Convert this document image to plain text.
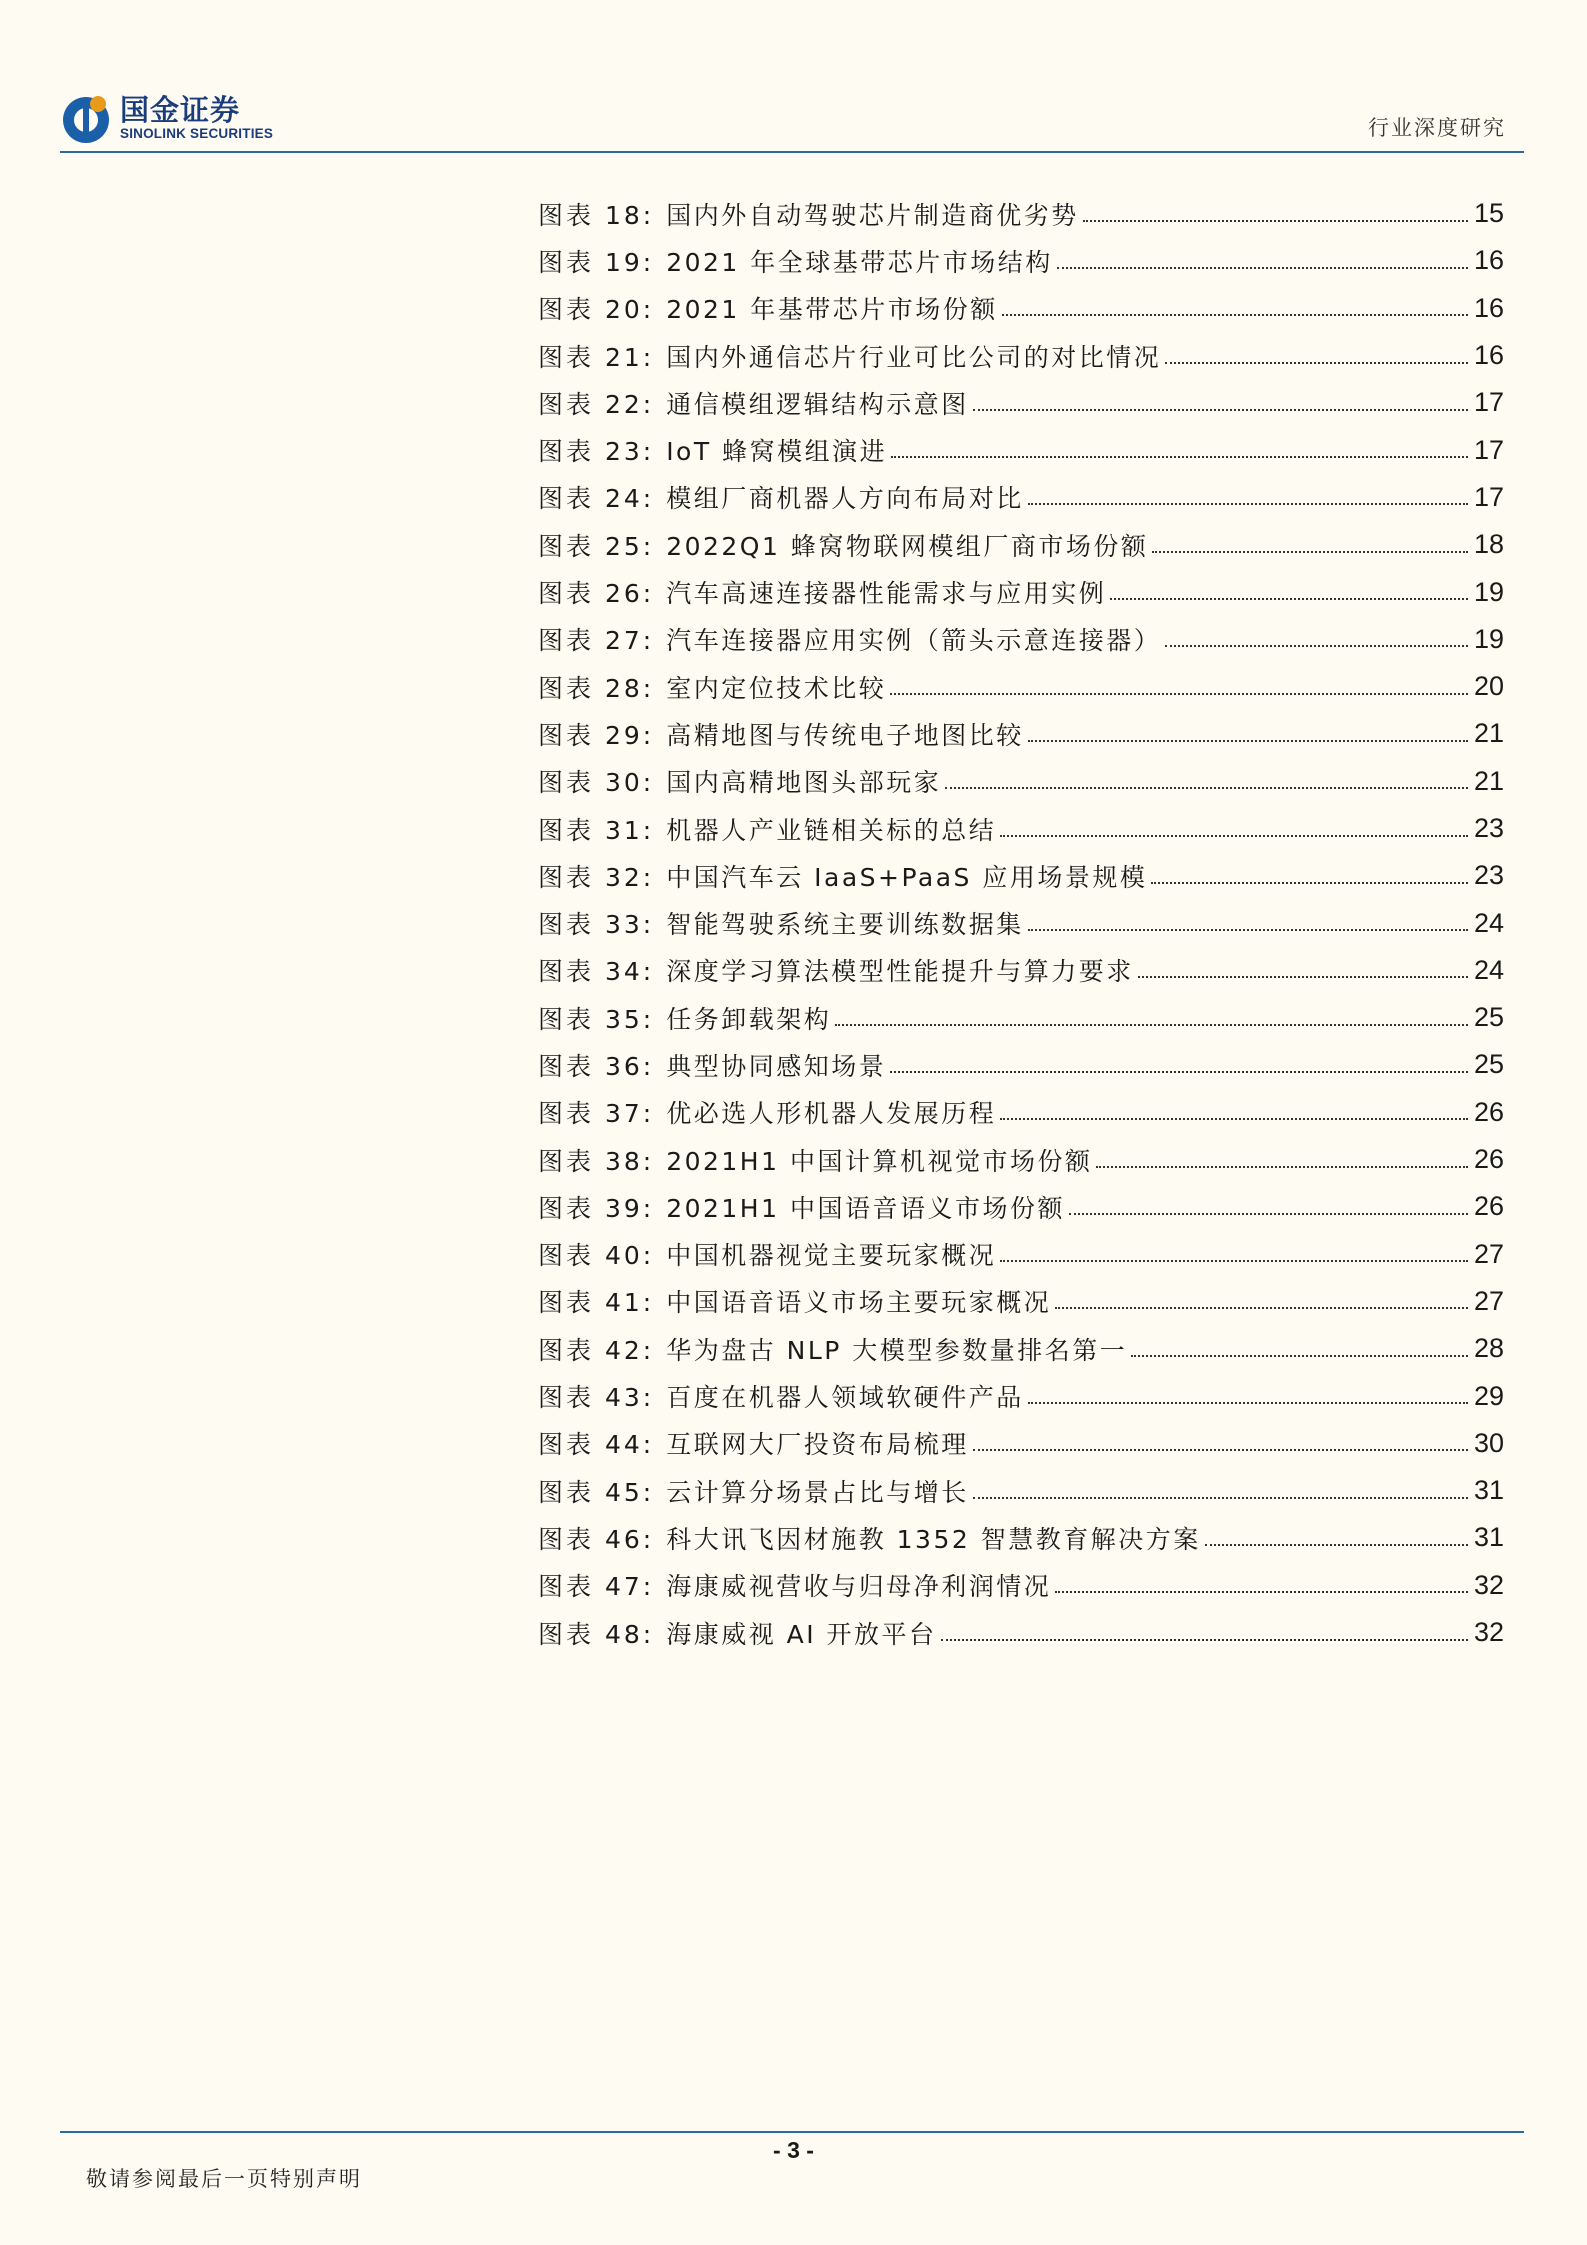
国金证券
SINOLINK SECURITIES	行业深度研究
图表 18: 国内外自动驾驶芯片制造商优劣势	15
图表 19: 2021 年全球基带芯片市场结构	16
图表 20: 2021 年基带芯片市场份额	16
图表 21: 国内外通信芯片行业可比公司的对比情况	16
图表 22: 通信模组逻辑结构示意图	17
图表 23: IoT 蜂窝模组演进	17
图表 24: 模组厂商机器人方向布局对比	17
图表 25: 2022Q1 蜂窝物联网模组厂商市场份额	18
图表 26: 汽车高速连接器性能需求与应用实例	19
图表 27: 汽车连接器应用实例（箭头示意连接器）	19
图表 28: 室内定位技术比较	20
图表 29: 高精地图与传统电子地图比较	21
图表 30: 国内高精地图头部玩家	21
图表 31: 机器人产业链相关标的总结	23
图表 32: 中国汽车云 IaaS+PaaS 应用场景规模	23
图表 33: 智能驾驶系统主要训练数据集	24
图表 34: 深度学习算法模型性能提升与算力要求	24
图表 35: 任务卸载架构	25
图表 36: 典型协同感知场景	25
图表 37: 优必选人形机器人发展历程	26
图表 38: 2021H1 中国计算机视觉市场份额	26
图表 39: 2021H1 中国语音语义市场份额	26
图表 40: 中国机器视觉主要玩家概况	27
图表 41: 中国语音语义市场主要玩家概况	27
图表 42: 华为盘古 NLP 大模型参数量排名第一	28
图表 43: 百度在机器人领域软硬件产品	29
图表 44: 互联网大厂投资布局梳理	30
图表 45: 云计算分场景占比与增长	31
图表 46: 科大讯飞因材施教 1352 智慧教育解决方案	31
图表 47: 海康威视营收与归母净利润情况	32
图表 48: 海康威视 AI 开放平台	32
- 3 -
敬请参阅最后一页特别声明
